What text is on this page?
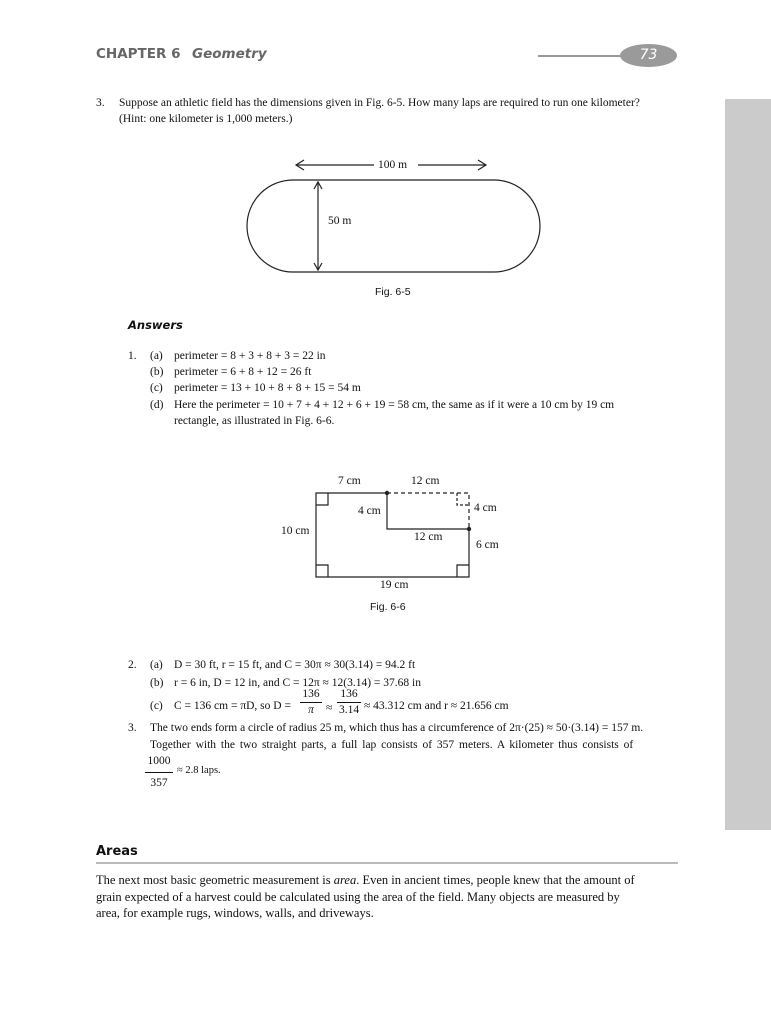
CHAPTER 6 Geometry	73
3. Suppose an athletic field has the dimensions given in Fig. 6-5. How many laps are required to run one kilometer?
(Hint: one kilometer is 1,000 meters.)
100 m
50 m
Fig. 6-5
Answers
1. (a) perimeter = 8 + 3 + 8 + 3 = 22 in
(b) perimeter = 6 + 8 + 12 = 26 ft
(c) perimeter = 13 + 10 + 8 + 8 + 15 = 54 m
(d) Here the perimeter = 10 + 7 + 4 + 12 + 6 + 19 = 58 cm, the same as if it were a 10 cm by 19 cm
rectangle, as illustrated in Fig. 6-6.
7 cm	12 cm
4 cm	4 cm
10 cm	12 cm
6 cm
19 cm
Fig. 6-6
2. (a) D = 30 ft, r = 15 ft, and C = 30π ≈ 30(3.14) = 94.2 ft
(b) r = 6 in, D = 12 in, and C = 12π ≈ 12(3.14) = 37.68 in
(c) C = 136 cm = πD, so D =
136
π	≈
136
3.14 ≈ 43.312 cm and r ≈ 21.656 cm
3. The two ends form a circle of radius 25 m, which thus has a circumference of 2π·(25) ≈ 50·(3.14) = 157 m.
Together with the two straight parts, a full lap consists of 357 meters. A kilometer thus consists of
1000
357
≈ 2.8 laps.
Areas
The next most basic geometric measurement is area. Even in ancient times, people knew that the amount of
grain expected of a harvest could be calculated using the area of the field. Many objects are measured by
area, for example rugs, windows, walls, and driveways.
